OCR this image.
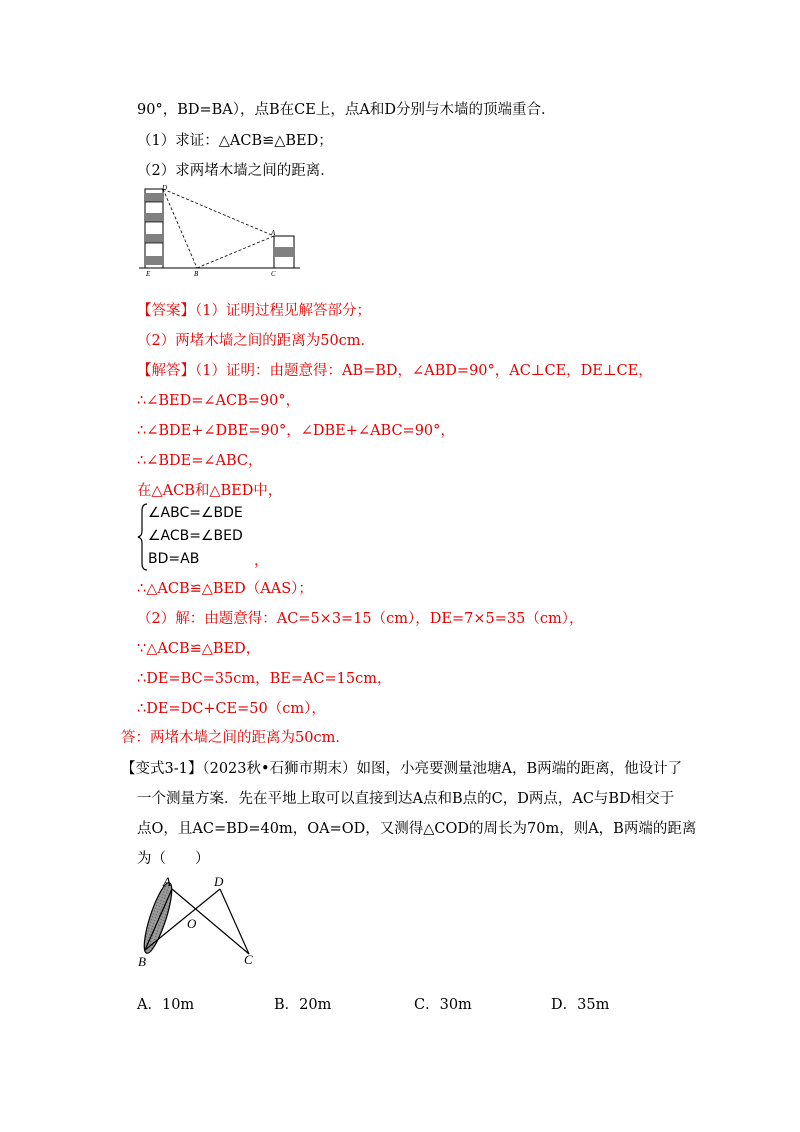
90°，BD=BA），点B在CE上，点A和D分别与木墙的顶端重合．
（1）求证：△ACB≌△BED；
（2）求两堵木墙之间的距离．
D
A
E	B	C
【答案】（1）证明过程见解答部分；
（2）两堵木墙之间的距离为50cm．
【解答】（1）证明：由题意得：AB=BD，∠ABD=90°，AC⊥CE，DE⊥CE，
∴∠BED=∠ACB=90°，
∴∠BDE+∠DBE=90°，∠DBE+∠ABC=90°，
∴∠BDE=∠ABC，
在△ACB和△BED中，
∠ABC=∠BDE
∠ACB=∠BED
BD=AB	，
∴△ACB≌△BED（AAS）；
（2）解：由题意得：AC=5×3=15（cm），DE=7×5=35（cm），
∵△ACB≌△BED，
∴DE=BC=35cm，BE=AC=15cm，
∴DE=DC+CE=50（cm），
答：两堵木墙之间的距离为50cm．
【变式3-1】（2023秋•石狮市期末）如图，小亮要测量池塘A，B两端的距离，他设计了
一个测量方案．先在平地上取可以直接到达A点和B点的C，D两点，AC与BD相交于
点O，且AC=BD=40m，OA=OD，又测得△COD的周长为70m，则A，B两端的距离
为（　　）
A	D
O
B	C
A．10m	B．20m	C．30m	D．35m
